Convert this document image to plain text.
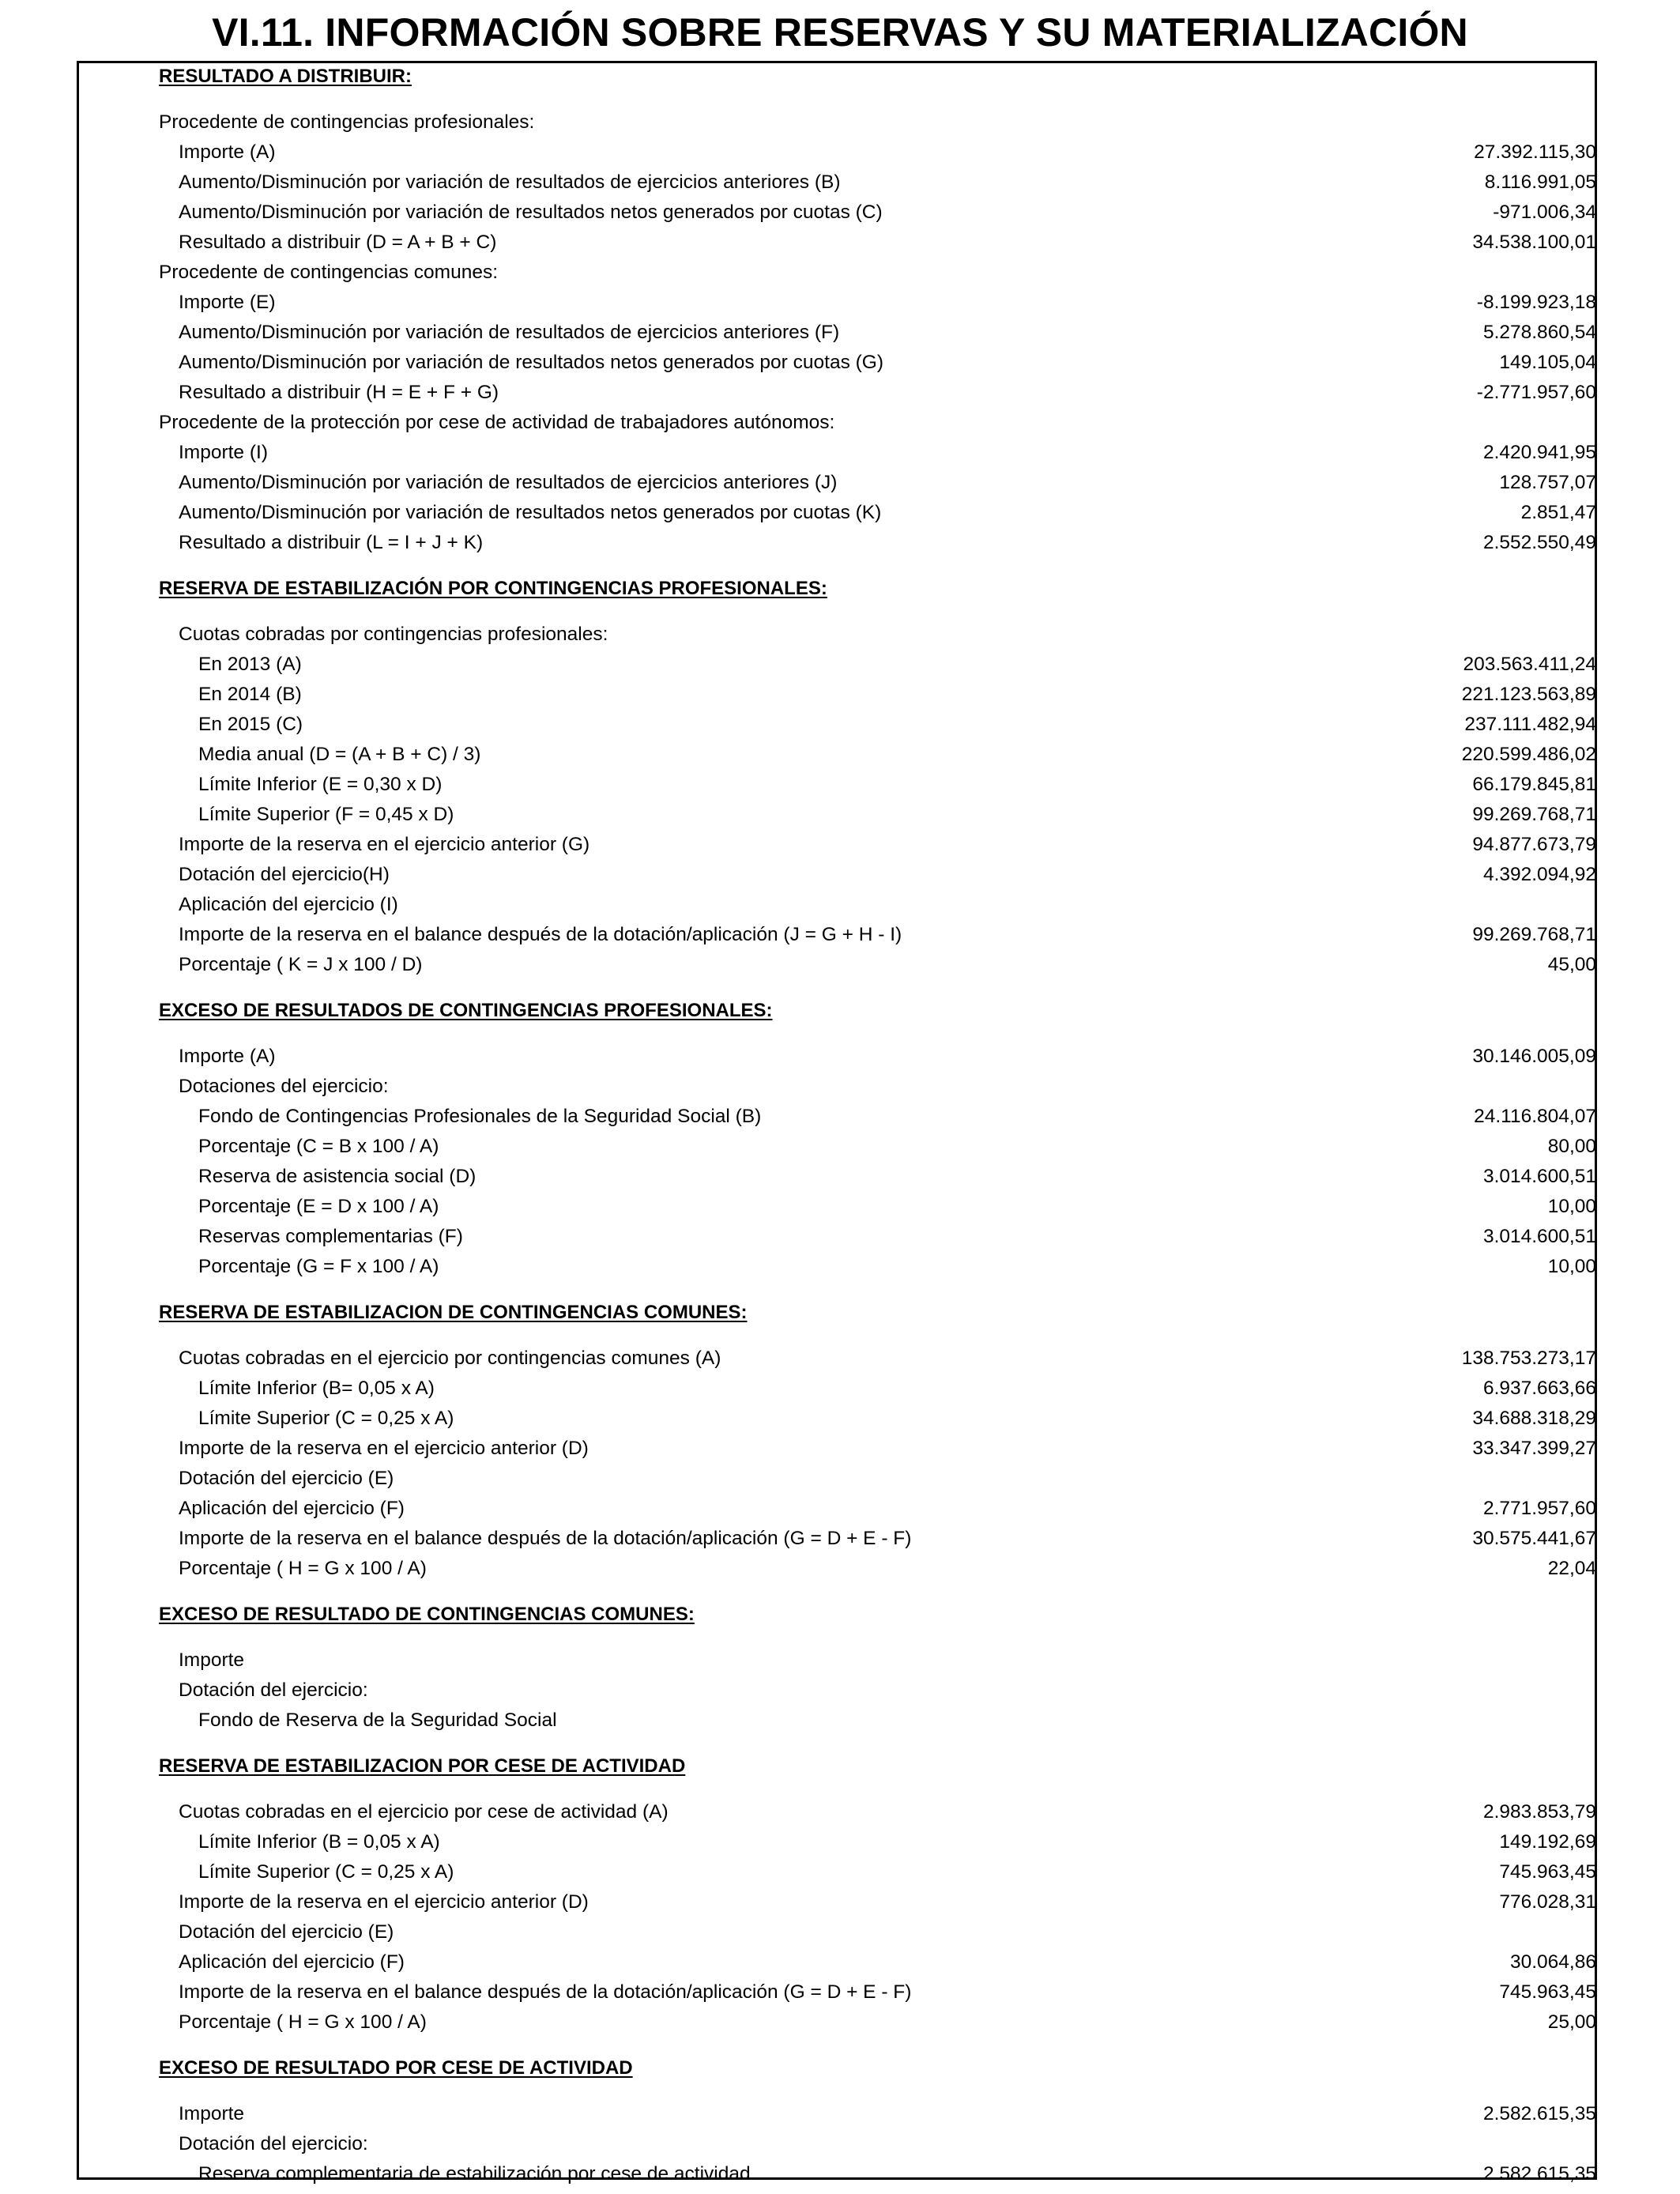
VI.11. INFORMACIÓN SOBRE RESERVAS Y SU MATERIALIZACIÓN
RESULTADO A DISTRIBUIR:
Procedente de contingencias profesionales:
Importe (A)	27.392.115,30
Aumento/Disminución por variación de resultados de ejercicios anteriores (B)	8.116.991,05
Aumento/Disminución por variación de resultados netos generados por cuotas (C)	-971.006,34
Resultado a distribuir (D = A + B + C)	34.538.100,01
Procedente de contingencias comunes:
Importe (E)	-8.199.923,18
Aumento/Disminución por variación de resultados de ejercicios anteriores (F)	5.278.860,54
Aumento/Disminución por variación de resultados netos generados por cuotas (G)	149.105,04
Resultado a distribuir (H = E + F + G)	-2.771.957,60
Procedente de la protección por cese de actividad de trabajadores autónomos:
Importe (I)	2.420.941,95
Aumento/Disminución por variación de resultados de ejercicios anteriores (J)	128.757,07
Aumento/Disminución por variación de resultados netos generados por cuotas (K)	2.851,47
Resultado a distribuir (L = I + J + K)	2.552.550,49
RESERVA DE ESTABILIZACIÓN POR CONTINGENCIAS PROFESIONALES:
Cuotas cobradas por contingencias profesionales:
En 2013 (A)	203.563.411,24
En 2014 (B)	221.123.563,89
En 2015 (C)	237.111.482,94
Media anual (D = (A + B + C) / 3)	220.599.486,02
Límite Inferior (E = 0,30 x D)	66.179.845,81
Límite Superior (F = 0,45 x D)	99.269.768,71
Importe de la reserva en el ejercicio anterior (G)	94.877.673,79
Dotación del ejercicio(H)	4.392.094,92
Aplicación del ejercicio (I)
Importe de la reserva en el balance después de la dotación/aplicación (J = G + H - I)	99.269.768,71
Porcentaje ( K = J x 100 / D)	45,00
EXCESO DE RESULTADOS DE CONTINGENCIAS PROFESIONALES:
Importe (A)	30.146.005,09
Dotaciones del ejercicio:
Fondo de Contingencias Profesionales de la Seguridad Social (B)	24.116.804,07
Porcentaje (C = B x 100 / A)	80,00
Reserva de asistencia social (D)	3.014.600,51
Porcentaje (E = D x 100 / A)	10,00
Reservas complementarias (F)	3.014.600,51
Porcentaje (G = F x 100 / A)	10,00
RESERVA DE ESTABILIZACION DE CONTINGENCIAS COMUNES:
Cuotas cobradas en el ejercicio por contingencias comunes (A)	138.753.273,17
Límite Inferior (B= 0,05 x A)	6.937.663,66
Límite Superior (C = 0,25 x A)	34.688.318,29
Importe de la reserva en el ejercicio anterior (D)	33.347.399,27
Dotación del ejercicio (E)
Aplicación del ejercicio (F)	2.771.957,60
Importe de la reserva en el balance después de la dotación/aplicación (G = D + E - F)	30.575.441,67
Porcentaje ( H = G x 100 / A)	22,04
EXCESO DE RESULTADO DE CONTINGENCIAS COMUNES:
Importe
Dotación del ejercicio:
Fondo de Reserva de la Seguridad Social
RESERVA DE ESTABILIZACION POR CESE DE ACTIVIDAD
Cuotas cobradas en el ejercicio por cese de actividad (A)	2.983.853,79
Límite Inferior (B = 0,05 x A)	149.192,69
Límite Superior (C = 0,25 x A)	745.963,45
Importe de la reserva en el ejercicio anterior (D)	776.028,31
Dotación del ejercicio (E)
Aplicación del ejercicio (F)	30.064,86
Importe de la reserva en el balance después de la dotación/aplicación (G = D + E - F)	745.963,45
Porcentaje ( H = G x 100 / A)	25,00
EXCESO DE RESULTADO POR CESE DE ACTIVIDAD
Importe	2.582.615,35
Dotación del ejercicio:
Reserva complementaria de estabilización por cese de actividad	2.582.615,35
